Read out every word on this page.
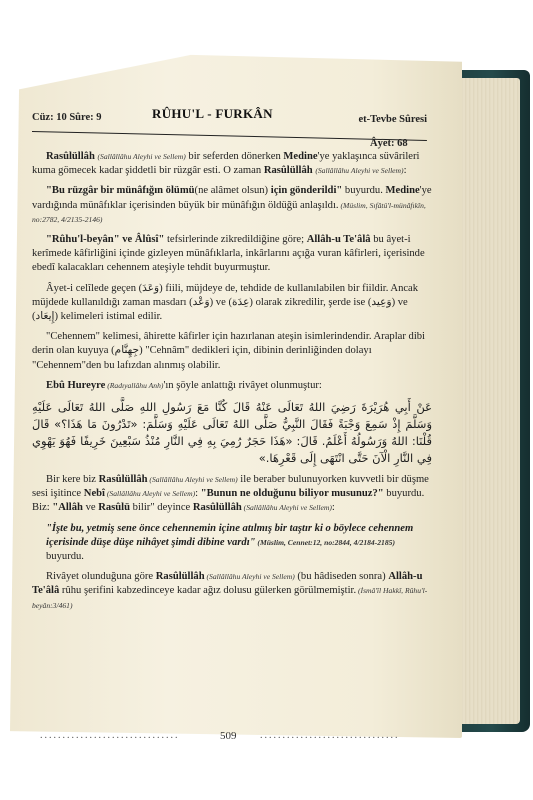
Cüz: 10 Sûre: 9	RÛHU'L - FURKÂN	et-Tevbe Sûresi
Âyet: 68

Rasûlüllâh (Sallâllâhu Aleyhi ve Sellem) bir seferden dönerken Medine'ye yaklaşınca süvârileri kuma gömecek kadar şiddetli bir rüzgâr esti. O zaman Rasûlüllâh (Sallâllâhu Aleyhi ve Sellem):

"Bu rüzgâr bir münâfığın ölümü(ne alâmet olsun) için gönderildi" buyurdu. Medine'ye vardığında münâfıklar içerisinden büyük bir münâfığın öldüğü anlaşıldı. (Müslim, Sıfâtü'l-münâfıkîn, no:2782, 4/2135-2146)

"Rûhu'l-beyân" ve Âlûsî" tefsirlerinde zikredildiğine göre; Allâh-u Te'âlâ bu âyet-i kerîmede kâfirliğini içinde gizleyen münâfıklarla, inkârlarını açığa vuran kâfirleri, içerisinde ebedî kalacakları cehennem ateşiyle tehdit buyurmuştur.

Âyet-i celîlede geçen (وَعَدَ) fiili, müjdeye de, tehdide de kullanılabilen bir fiildir. Ancak müjdede kullanıldığı zaman masdarı (وَعْد) ve (عِدَة) olarak zikredilir, şerde ise (وَعِيد) ve (إِيعَاد) kelimeleri istimal edilir.

"Cehennem" kelimesi, âhirette kâfirler için hazırlanan ateşin isimlerindendir. Araplar dibi derin olan kuyuya (جِهِنَّام) "Cehnâm" dedikleri için, dibinin derinliğinden dolayı "Cehennem"den bu lafızdan alınmış olabilir.

Ebû Hureyre (Radıyallâhu Anh)'ın şöyle anlattığı rivâyet olunmuştur:

عَنْ أَبِي هُرَيْرَةَ رَضِيَ اللهُ تَعَالَى عَنْهُ قَالَ كُنَّا مَعَ رَسُولِ اللهِ صَلَّى اللهُ تَعَالَى عَلَيْهِ وَسَلَّمَ إِذْ سَمِعَ وَجْبَةً فَقَالَ النَّبِيُّ صَلَّى اللهُ تَعَالَى عَلَيْهِ وَسَلَّمَ: «تَدْرُونَ مَا هَذَا؟» قَالَ قُلْنَا: اللهُ وَرَسُولُهُ أَعْلَمُ. قَالَ: «هَذَا حَجَرٌ رُمِيَ بِهِ فِي النَّارِ مُنْذُ سَبْعِينَ خَرِيفًا فَهُوَ يَهْوِي فِي النَّارِ الْآنَ حَتَّى انْتَهَى إِلَى قَعْرِهَا.»

Bir kere biz Rasûlüllâh (Sallâllâhu Aleyhi ve Sellem) ile beraber bulunuyorken kuvvetli bir düşme sesi işitince Nebî (Sallâllâhu Aleyhi ve Sellem): "Bunun ne olduğunu biliyor musunuz?" buyurdu. Biz: "Allâh ve Rasûlü bilir" deyince Rasûlüllâh (Sallâllâhu Aleyhi ve Sellem):

"İşte bu, yetmiş sene önce cehennemin içine atılmış bir taştır ki o böylece cehennem içerisinde düşe düşe nihâyet şimdi dibine vardı" (Müslim, Cennet:12, no:2844, 4/2184-2185) buyurdu.

Rivâyet olunduğuna göre Rasûlüllâh (Sallâllâhu Aleyhi ve Sellem) (bu hâdiseden sonra) Allâh-u Te'âlâ rûhu şerifini kabzedinceye kadar ağız dolusu gülerken görülmemiştir. (İsmâ'îl Hakkî, Rûhu'l-beyân:3/461)

...............................	509 ...............................
